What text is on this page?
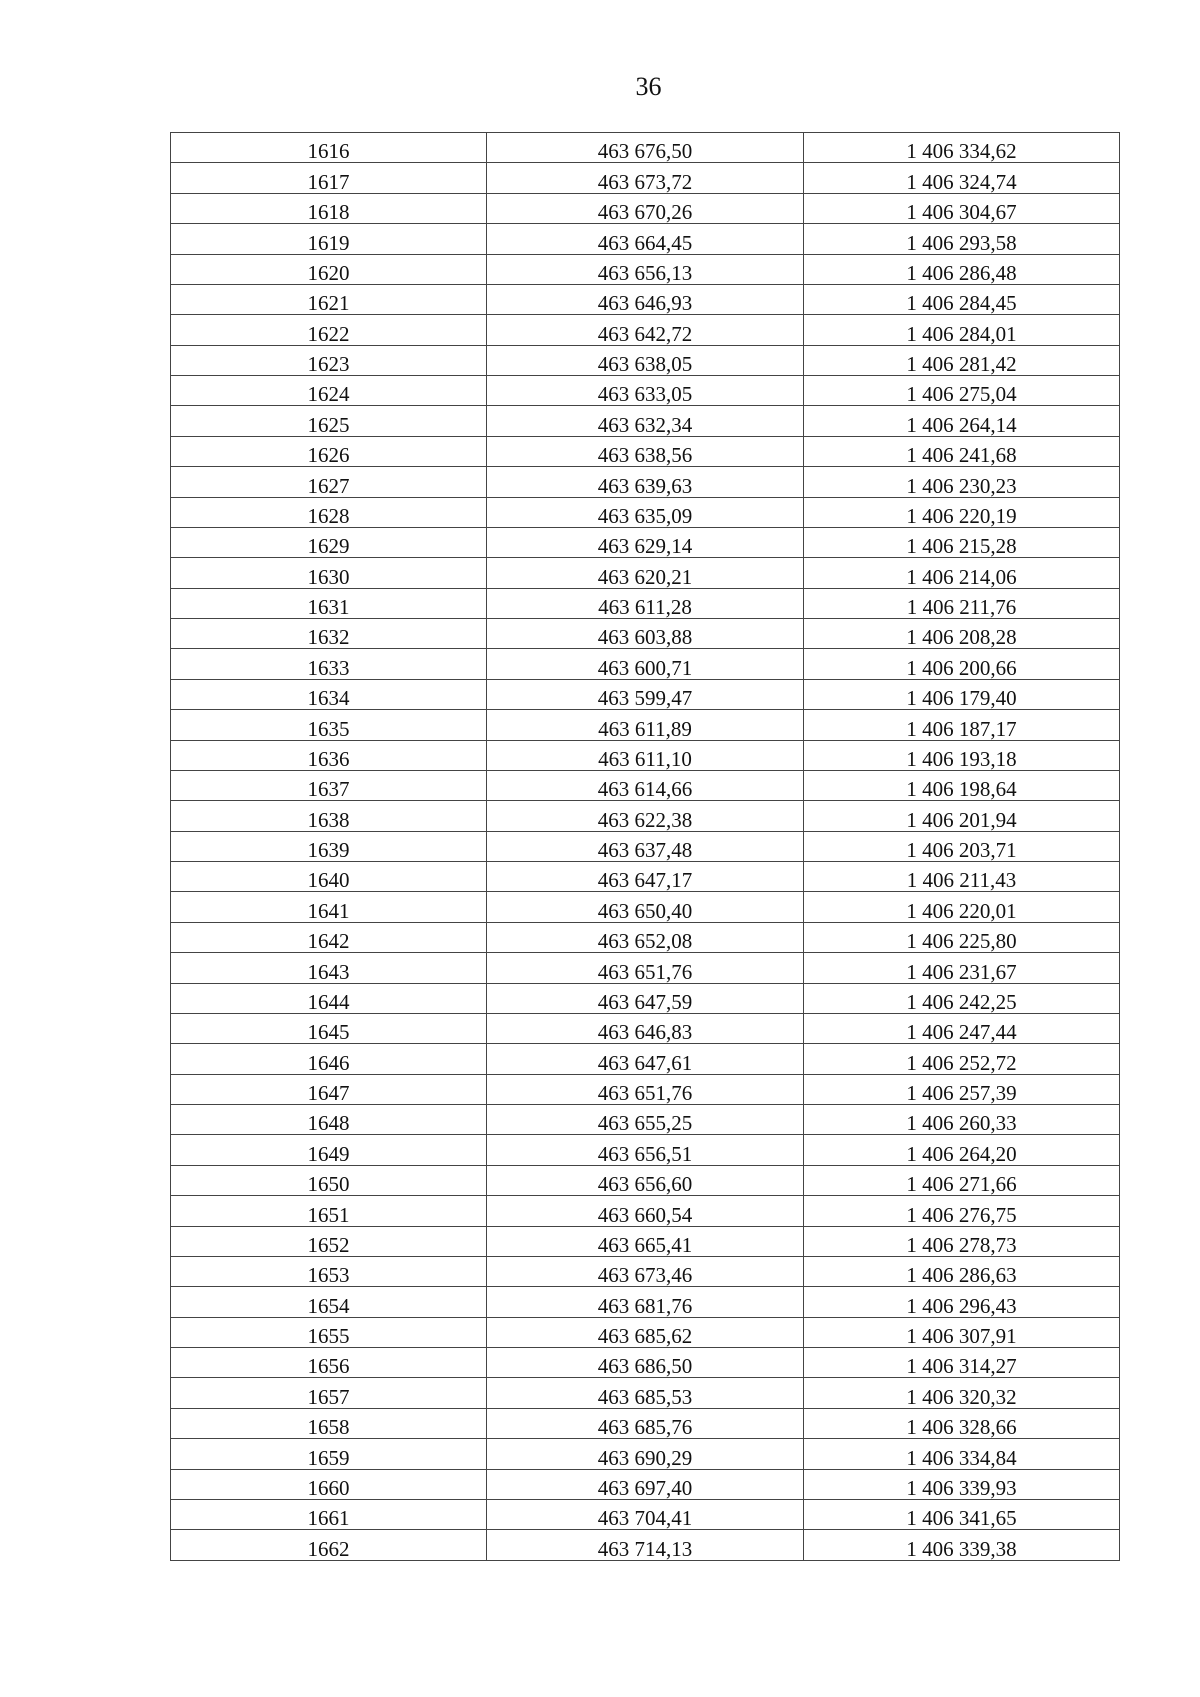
36
1616	463 676,50	1 406 334,62
1617	463 673,72	1 406 324,74
1618	463 670,26	1 406 304,67
1619	463 664,45	1 406 293,58
1620	463 656,13	1 406 286,48
1621	463 646,93	1 406 284,45
1622	463 642,72	1 406 284,01
1623	463 638,05	1 406 281,42
1624	463 633,05	1 406 275,04
1625	463 632,34	1 406 264,14
1626	463 638,56	1 406 241,68
1627	463 639,63	1 406 230,23
1628	463 635,09	1 406 220,19
1629	463 629,14	1 406 215,28
1630	463 620,21	1 406 214,06
1631	463 611,28	1 406 211,76
1632	463 603,88	1 406 208,28
1633	463 600,71	1 406 200,66
1634	463 599,47	1 406 179,40
1635	463 611,89	1 406 187,17
1636	463 611,10	1 406 193,18
1637	463 614,66	1 406 198,64
1638	463 622,38	1 406 201,94
1639	463 637,48	1 406 203,71
1640	463 647,17	1 406 211,43
1641	463 650,40	1 406 220,01
1642	463 652,08	1 406 225,80
1643	463 651,76	1 406 231,67
1644	463 647,59	1 406 242,25
1645	463 646,83	1 406 247,44
1646	463 647,61	1 406 252,72
1647	463 651,76	1 406 257,39
1648	463 655,25	1 406 260,33
1649	463 656,51	1 406 264,20
1650	463 656,60	1 406 271,66
1651	463 660,54	1 406 276,75
1652	463 665,41	1 406 278,73
1653	463 673,46	1 406 286,63
1654	463 681,76	1 406 296,43
1655	463 685,62	1 406 307,91
1656	463 686,50	1 406 314,27
1657	463 685,53	1 406 320,32
1658	463 685,76	1 406 328,66
1659	463 690,29	1 406 334,84
1660	463 697,40	1 406 339,93
1661	463 704,41	1 406 341,65
1662	463 714,13	1 406 339,38
